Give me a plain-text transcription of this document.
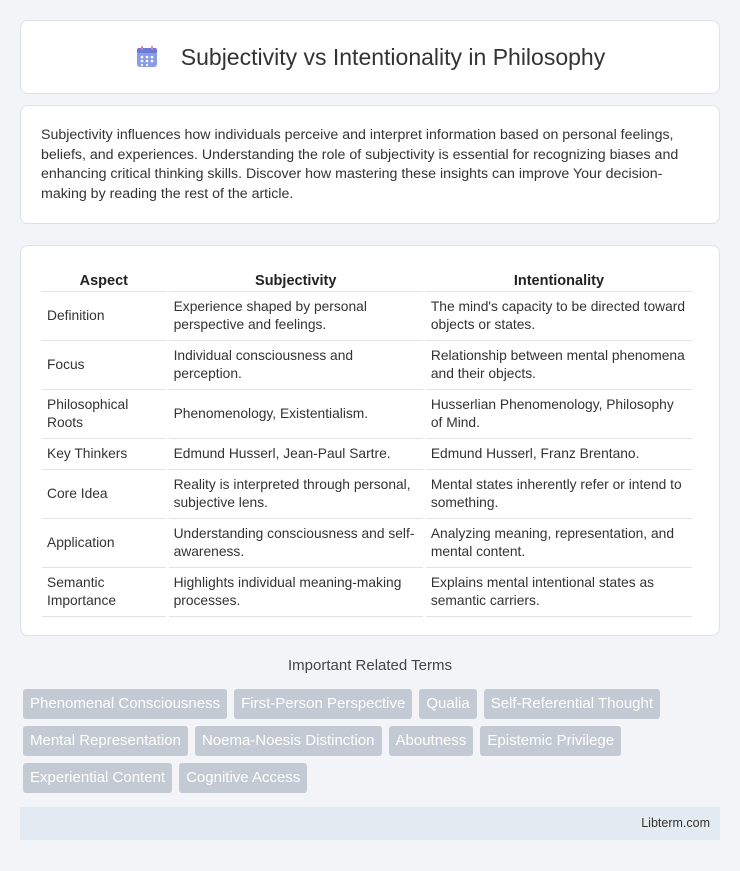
Subjectivity vs Intentionality in Philosophy

Subjectivity influences how individuals perceive and interpret information based on personal feelings, beliefs, and experiences. Understanding the role of subjectivity is essential for recognizing biases and enhancing critical thinking skills. Discover how mastering these insights can improve Your decision-making by reading the rest of the article.

Aspect	Subjectivity	Intentionality
Definition	Experience shaped by personal perspective and feelings.	The mind's capacity to be directed toward objects or states.
Focus	Individual consciousness and perception.	Relationship between mental phenomena and their objects.
Philosophical Roots	Phenomenology, Existentialism.	Husserlian Phenomenology, Philosophy of Mind.
Key Thinkers	Edmund Husserl, Jean-Paul Sartre.	Edmund Husserl, Franz Brentano.
Core Idea	Reality is interpreted through personal, subjective lens.	Mental states inherently refer or intend to something.
Application	Understanding consciousness and self-awareness.	Analyzing meaning, representation, and mental content.
Semantic Importance	Highlights individual meaning-making processes.	Explains mental intentional states as semantic carriers.
Important Related Terms
Phenomenal Consciousness	First-Person Perspective	Qualia	Self-Referential Thought
Mental Representation	Noema-Noesis Distinction	Aboutness	Epistemic Privilege
Experiential Content	Cognitive Access
Libterm.com
